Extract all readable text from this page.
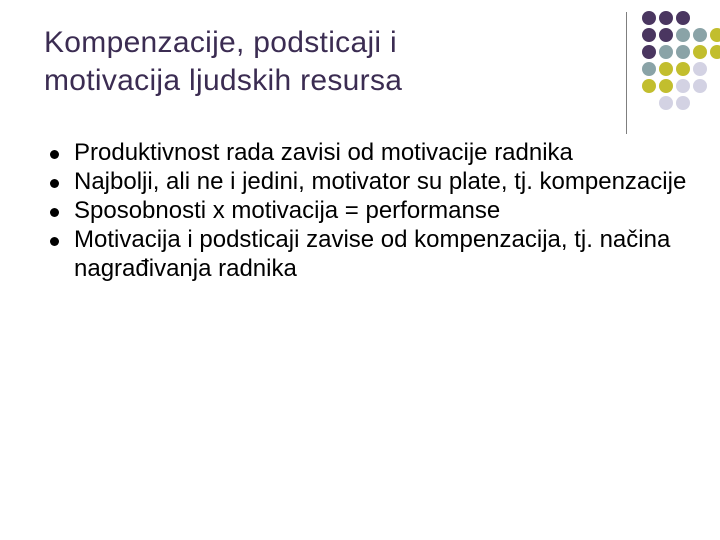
Kompenzacije, podsticaji i
motivacija ljudskih resursa
Produktivnost rada zavisi od motivacije radnika
Najbolji, ali ne i jedini, motivator su plate, tj. kompenzacije
Sposobnosti x motivacija = performanse
Motivacija i podsticaji zavise od kompenzacija, tj. načina nagrađivanja radnika
